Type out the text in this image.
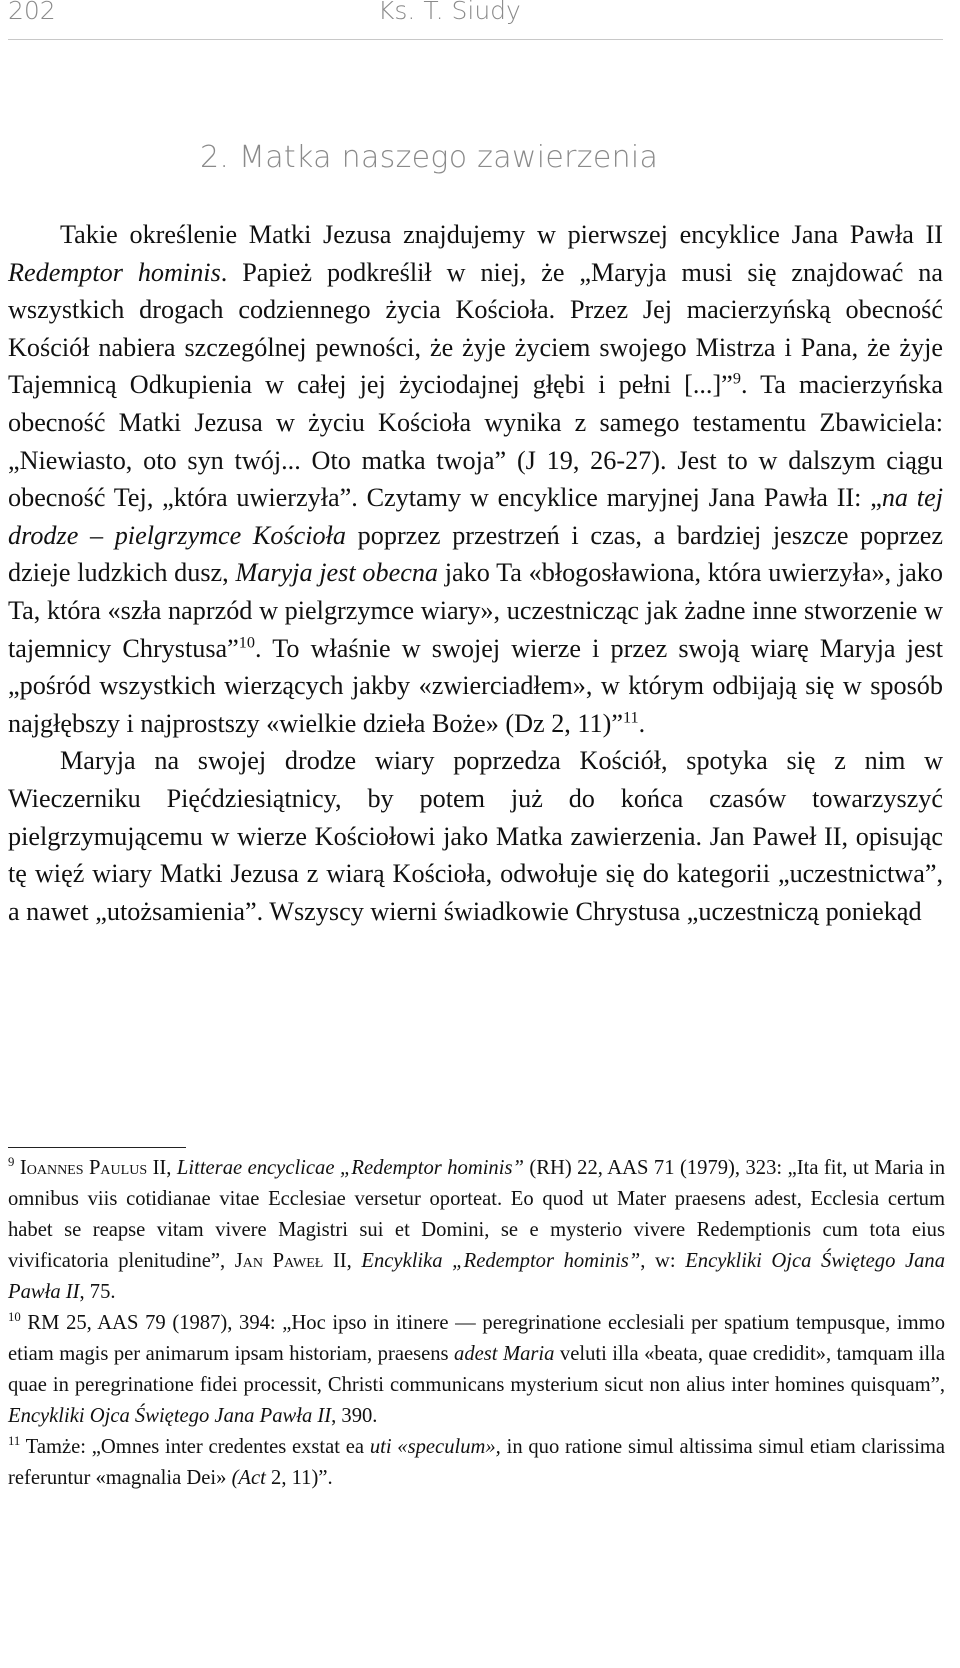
202	Ks. T. Siudy
2. Matka naszego zawierzenia

Takie określenie Matki Jezusa znajdujemy w pierwszej encyklice Jana Pawła II Redemptor hominis. Papież podkreślił w niej, że „Maryja musi się znajdować na wszystkich drogach codziennego życia Kościoła. Przez Jej macierzyńską obecność Kościół nabiera szczególnej pewności, że żyje życiem swojego Mistrza i Pana, że żyje Tajemnicą Odkupienia w całej jej życiodajnej głębi i pełni [...]”$^9$. Ta macierzyńska obecność Matki Jezusa w życiu Kościoła wynika z samego testamentu Zbawiciela: „Niewiasto, oto syn twój... Oto matka twoja” (J 19, 26-27). Jest to w dalszym ciągu obecność Tej, „która uwierzyła”. Czytamy w encyklice maryjnej Jana Pawła II: „na tej drodze – pielgrzymce Kościoła poprzez przestrzeń i czas, a bardziej jeszcze poprzez dzieje ludzkich dusz, Maryja jest obecna jako Ta «błogosławiona, która uwierzyła», jako Ta, która «szła naprzód w pielgrzymce wiary», uczestnicząc jak żadne inne stworzenie w tajemnicy Chrystusa”$^{10}$. To właśnie w swojej wierze i przez swoją wiarę Maryja jest „pośród wszystkich wierzących jakby «zwierciadłem», w którym odbijają się w sposób najgłębszy i najprostszy «wielkie dzieła Boże» (Dz 2, 11)”$^{11}$.

Maryja na swojej drodze wiary poprzedza Kościół, spotyka się z nim w Wieczerniku Pięćdziesiątnicy, by potem już do końca czasów towarzyszyć pielgrzymującemu w wierze Kościołowi jako Matka zawierzenia. Jan Paweł II, opisując tę więź wiary Matki Jezusa z wiarą Kościoła, odwołuje się do kategorii „uczestnictwa”, a nawet „utożsamienia”. Wszyscy wierni świadkowie Chrystusa „uczestniczą poniekąd

$^9$ Ioannes Paulus II, Litterae encyclicae „Redemptor hominis” (RH) 22, AAS 71 (1979), 323: „Ita fit, ut Maria in omnibus viis cotidianae vitae Ecclesiae versetur oporteat. Eo quod ut Mater praesens adest, Ecclesia certum habet se reapse vitam vivere Magistri sui et Domini, se e mysterio vivere Redemptionis cum tota eius vivificatoria plenitudine”, Jan Paweł II, Encyklika „Redemptor hominis”, w: Encykliki Ojca Świętego Jana Pawła II, 75.

$^{10}$ RM 25, AAS 79 (1987), 394: „Hoc ipso in itinere — peregrinatione ecclesiali per spatium tempusque, immo etiam magis per animarum ipsam historiam, praesens adest Maria veluti illa «beata, quae credidit», tamquam illa quae in peregrinatione fidei processit, Christi communicans mysterium sicut non alius inter homines quisquam”, Encykliki Ojca Świętego Jana Pawła II, 390.

$^{11}$ Tamże: „Omnes inter credentes exstat ea uti «speculum», in quo ratione simul altissima simul etiam clarissima referuntur «magnalia Dei» (Act 2, 11)”.
